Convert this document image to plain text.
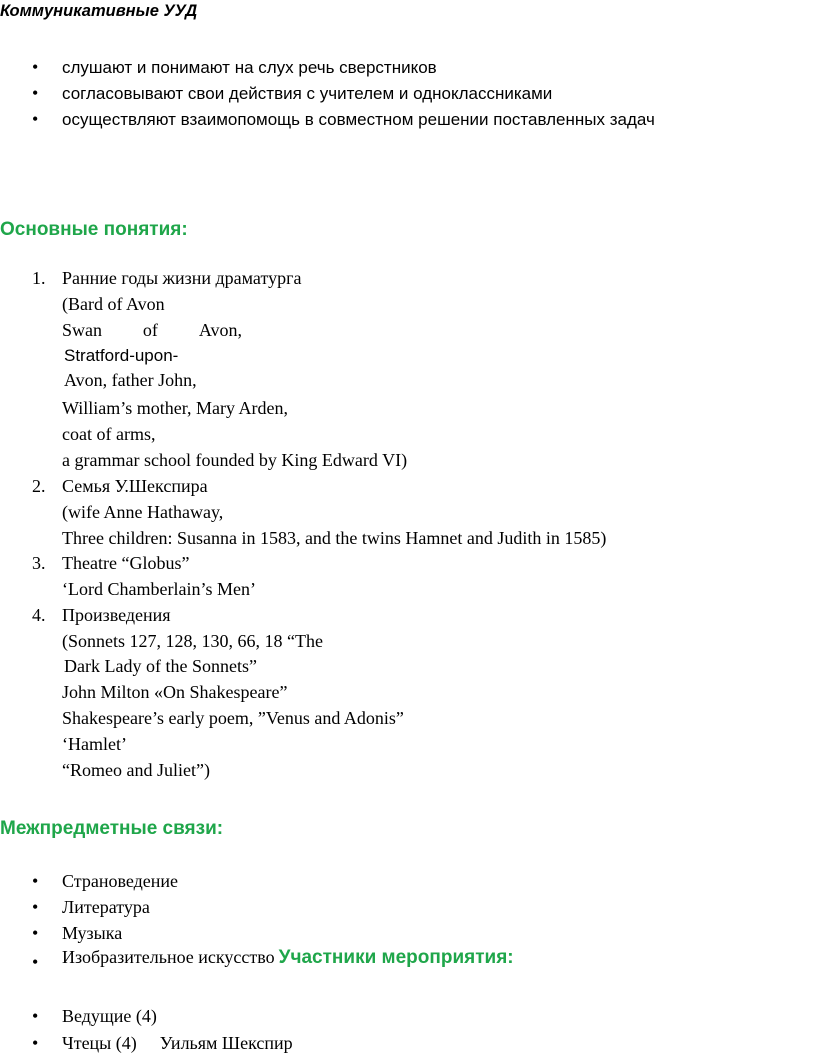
Коммуникативные УУД
• слушают и понимают на слух речь сверстников
• согласовывают свои действия с учителем и одноклассниками
• осуществляют взаимопомощь в совместном решении поставленных задач
Основные понятия:
1. Ранние годы жизни драматурга
(Bard of Avon
Swan of Avon,
Stratford-upon-
Avon, father John,
William’s mother, Mary Arden,
coat of arms,
a grammar school founded by King Edward VI)
2. Семья У.Шекспира
(wife Anne Hathaway,
Three children: Susanna in 1583, and the twins Hamnet and Judith in 1585)
3. Theatre “Globus”
‘Lord Chamberlain’s Men’
4. Произведения
(Sonnets 127, 128, 130, 66, 18 “The
Dark Lady of the Sonnets”
John Milton «On Shakespeare”
Shakespeare’s early poem, ”Venus and Adonis”
‘Hamlet’
“Romeo and Juliet”)
Межпредметные связи:
• Страноведение
• Литература
• Музыка
• Изобразительное искусство Участники мероприятия:
• Ведущие (4)
• Чтецы (4) Уильям Шекспир
